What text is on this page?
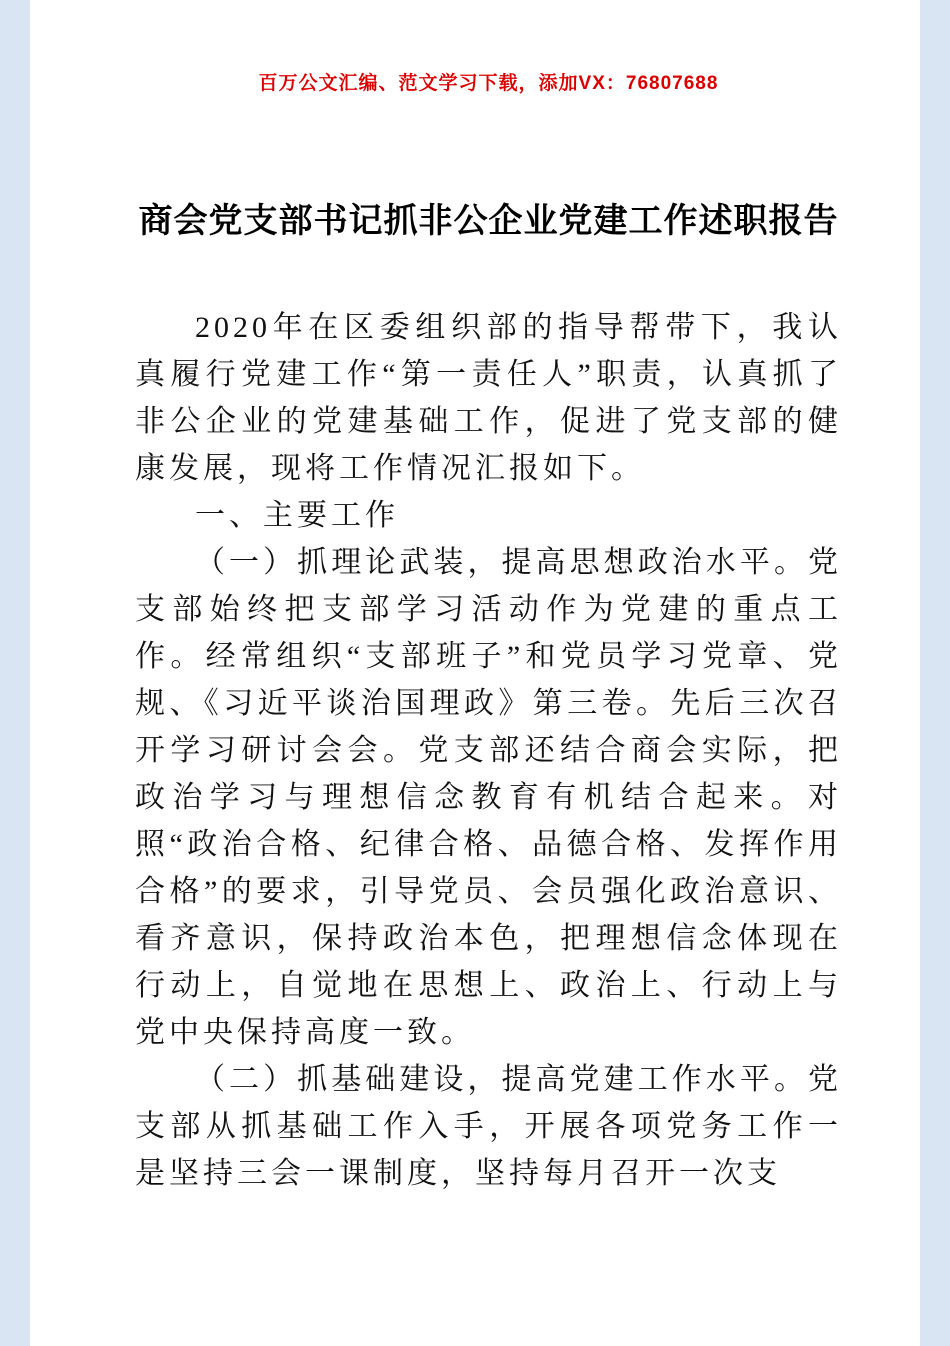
百万公文汇编、范文学习下载，添加VX：76807688
商会党支部书记抓非公企业党建工作述职报告

2020年在区委组织部的指导帮带下，我认真履行党建工作“第一责任人”职责，认真抓了非公企业的党建基础工作，促进了党支部的健康发展，现将工作情况汇报如下。

一、主要工作

（一）抓理论武装，提高思想政治水平。党支部始终把支部学习活动作为党建的重点工作。经常组织“支部班子”和党员学习党章、党规、《习近平谈治国理政》第三卷。先后三次召开学习研讨会会。党支部还结合商会实际，把政治学习与理想信念教育有机结合起来。对照“政治合格、纪律合格、品德合格、发挥作用合格”的要求，引导党员、会员强化政治意识、看齐意识，保持政治本色，把理想信念体现在行动上，自觉地在思想上、政治上、行动上与党中央保持高度一致。

（二）抓基础建设，提高党建工作水平。党支部从抓基础工作入手，开展各项党务工作一是坚持三会一课制度，坚持每月召开一次支
